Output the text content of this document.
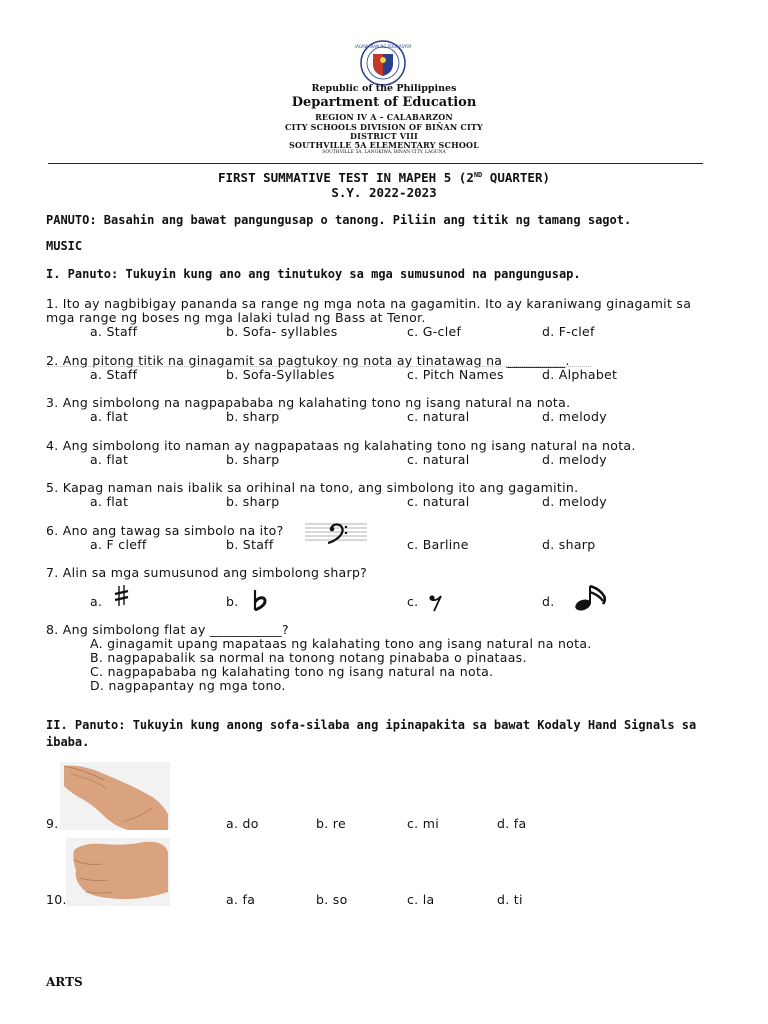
KAGAWARAN NG EDUKASYON
Republic of the Philippines
Department of Education
REGION IV A – CALABARZON
CITY SCHOOLS DIVISION OF BIÑAN CITY
DISTRICT VIII
SOUTHVILLE 5A ELEMENTARY SCHOOL
SOUTHVILLE 5A, LANGKIWA, BIÑAN CITY, LAGUNA
FIRST SUMMATIVE TEST IN MAPEH 5 (2ND QUARTER)
S.Y. 2022-2023
PANUTO: Basahin ang bawat pangungusap o tanong. Piliin ang titik ng tamang sagot.
MUSIC
I. Panuto: Tukuyin kung ano ang tinutukoy sa mga sumusunod na pangungusap.
1. Ito ay nagbibigay pananda sa range ng mga nota na gagamitin. Ito ay karaniwang ginagamit sa
mga range ng boses ng mga lalaki tulad ng Bass at Tenor.
a. Staff	b. Sofa- syllables	c. G-clef	d. F-clef
2. Ang pitong titik na ginagamit sa pagtukoy ng nota ay tinatawag na _________.
a. Staff	b. Sofa-Syllables	c. Pitch Names	d. Alphabet
3. Ang simbolong na nagpapababa ng kalahating tono ng isang natural na nota.
a. flat	b. sharp	c. natural	d. melody
4. Ang simbolong ito naman ay nagpapataas ng kalahating tono ng isang natural na nota.
a. flat	b. sharp	c. natural	d. melody
5. Kapag naman nais ibalik sa orihinal na tono, ang simbolong ito ang gagamitin.
a. flat	b. sharp	c. natural	d. melody
6. Ano ang tawag sa simbolo na ito?
a. F cleff	b. Staff	c. Barline	d. sharp
7. Alin sa mga sumusunod ang simbolong sharp?
a.	b.	c.	d.
8. Ang simbolong flat ay ___________?
A. ginagamit upang mapataas ng kalahating tono ang isang natural na nota.
B. nagpapabalik sa normal na tonong notang pinababa o pinataas.
C. nagpapababa ng kalahating tono ng isang natural na nota.
D. nagpapantay ng mga tono.
II. Panuto: Tukuyin kung anong sofa-silaba ang ipinapakita sa bawat Kodaly Hand Signals sa
ibaba.
9.	a. do	b. re	c. mi	d. fa
10.	a. fa	b. so	c. la	d. ti
ARTS
